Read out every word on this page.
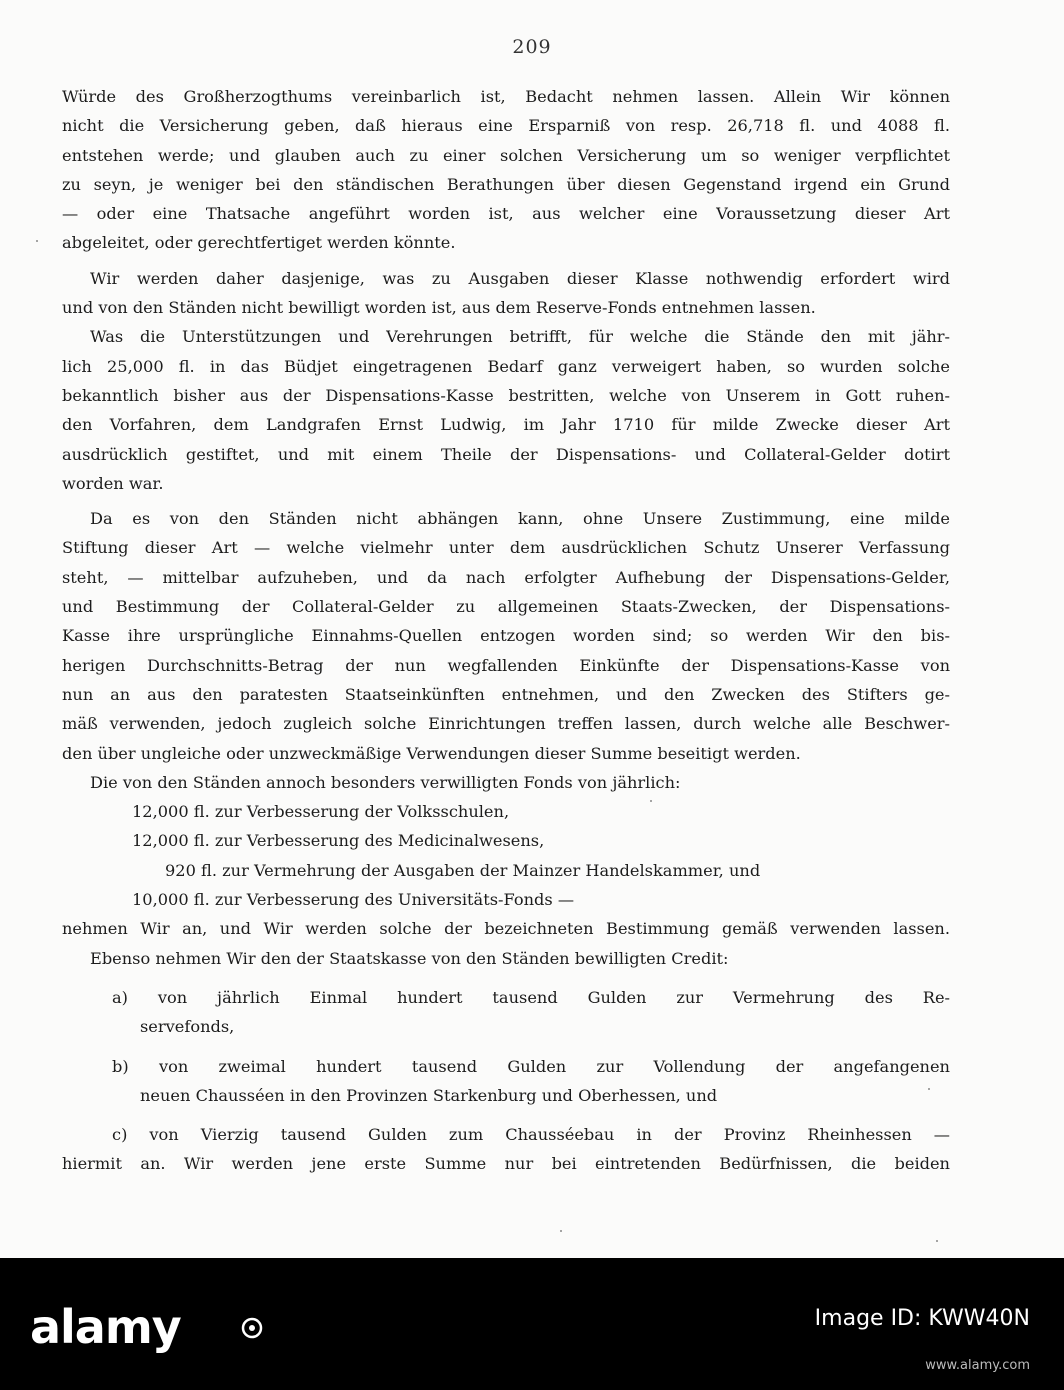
209
Würde des Großherzogthums vereinbarlich ist, Bedacht nehmen lassen. Allein Wir können
nicht die Versicherung geben, daß hieraus eine Ersparniß von resp. 26,718 fl. und 4088 fl.
entstehen werde; und glauben auch zu einer solchen Versicherung um so weniger verpflichtet
zu seyn, je weniger bei den ständischen Berathungen über diesen Gegenstand irgend ein Grund
— oder eine Thatsache angeführt worden ist, aus welcher eine Voraussetzung dieser Art
abgeleitet, oder gerechtfertiget werden könnte.
Wir werden daher dasjenige, was zu Ausgaben dieser Klasse nothwendig erfordert wird
und von den Ständen nicht bewilligt worden ist, aus dem Reserve-Fonds entnehmen lassen.
Was die Unterstützungen und Verehrungen betrifft, für welche die Stände den mit jähr-
lich 25,000 fl. in das Büdjet eingetragenen Bedarf ganz verweigert haben, so wurden solche
bekanntlich bisher aus der Dispensations-Kasse bestritten, welche von Unserem in Gott ruhen-
den Vorfahren, dem Landgrafen Ernst Ludwig, im Jahr 1710 für milde Zwecke dieser Art
ausdrücklich gestiftet, und mit einem Theile der Dispensations- und Collateral-Gelder dotirt
worden war.
Da es von den Ständen nicht abhängen kann, ohne Unsere Zustimmung, eine milde
Stiftung dieser Art — welche vielmehr unter dem ausdrücklichen Schutz Unserer Verfassung
steht, — mittelbar aufzuheben, und da nach erfolgter Aufhebung der Dispensations-Gelder,
und Bestimmung der Collateral-Gelder zu allgemeinen Staats-Zwecken, der Dispensations-
Kasse ihre ursprüngliche Einnahms-Quellen entzogen worden sind; so werden Wir den bis-
herigen Durchschnitts-Betrag der nun wegfallenden Einkünfte der Dispensations-Kasse von
nun an aus den paratesten Staatseinkünften entnehmen, und den Zwecken des Stifters ge-
mäß verwenden, jedoch zugleich solche Einrichtungen treffen lassen, durch welche alle Beschwer-
den über ungleiche oder unzweckmäßige Verwendungen dieser Summe beseitigt werden.
Die von den Ständen annoch besonders verwilligten Fonds von jährlich:
12,000 fl. zur Verbesserung der Volksschulen,
12,000 fl. zur Verbesserung des Medicinalwesens,
920 fl. zur Vermehrung der Ausgaben der Mainzer Handelskammer, und
10,000 fl. zur Verbesserung des Universitäts-Fonds —
nehmen Wir an, und Wir werden solche der bezeichneten Bestimmung gemäß verwenden lassen.
Ebenso nehmen Wir den der Staatskasse von den Ständen bewilligten Credit:
a) von jährlich Einmal hundert tausend Gulden zur Vermehrung des Re-
servefonds,
b) von zweimal hundert tausend Gulden zur Vollendung der angefangenen
neuen Chausséen in den Provinzen Starkenburg und Oberhessen, und
c) von Vierzig tausend Gulden zum Chausséebau in der Provinz Rheinhessen —
hiermit an. Wir werden jene erste Summe nur bei eintretenden Bedürfnissen, die beiden
alamy	Image ID: KWW40N
www.alamy.com
